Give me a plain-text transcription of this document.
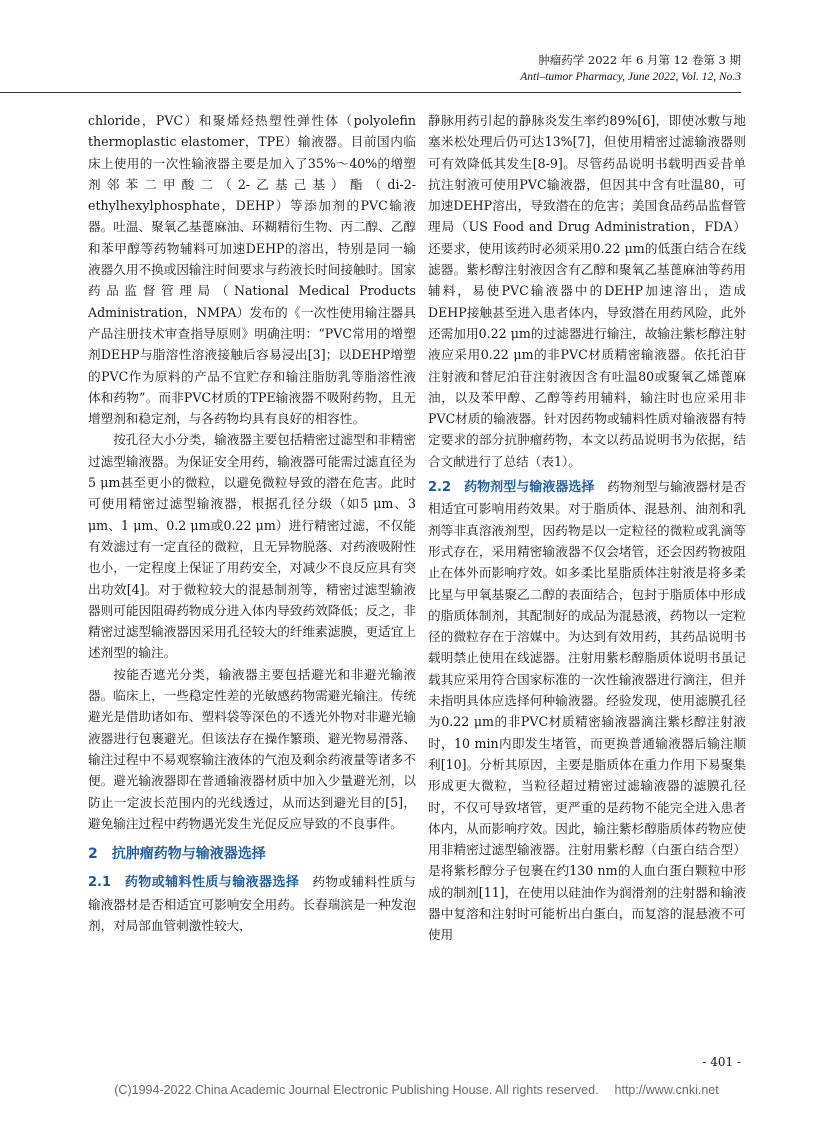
肿瘤药学 2022 年 6 月第 12 卷第 3 期
Anti–tumor Pharmacy, June 2022, Vol. 12, No.3

chloride，PVC）和聚烯烃热塑性弹性体（polyolefin thermoplastic elastomer，TPE）输液器。目前国内临床上使用的一次性输液器主要是加入了35%～40%的增塑剂邻苯二甲酸二（2-乙基己基）酯（di-2-ethylhexylphosphate，DEHP）等添加剂的PVC输液器。吐温、聚氧乙基蓖麻油、环糊精衍生物、丙二醇、乙醇和苯甲醇等药物辅料可加速DEHP的溶出，特别是同一输液器久用不换或因输注时间要求与药液长时间接触时。国家药品监督管理局（National Medical Products Administration，NMPA）发布的《一次性使用输注器具产品注册技术审查指导原则》明确注明：“PVC常用的增塑剂DEHP与脂溶性溶液接触后容易浸出[3]；以DEHP增塑的PVC作为原料的产品不宜贮存和输注脂肪乳等脂溶性液体和药物”。而非PVC材质的TPE输液器不吸附药物，且无增塑剂和稳定剂，与各药物均具有良好的相容性。

按孔径大小分类，输液器主要包括精密过滤型和非精密过滤型输液器。为保证安全用药，输液器可能需过滤直径为5 μm甚至更小的微粒，以避免微粒导致的潜在危害。此时可使用精密过滤型输液器，根据孔径分级（如5 μm、3 μm、1 μm、0.2 μm或0.22 μm）进行精密过滤，不仅能有效滤过有一定直径的微粒，且无异物脱落、对药液吸附性也小，一定程度上保证了用药安全，对减少不良反应具有突出功效[4]。对于微粒较大的混悬制剂等，精密过滤型输液器则可能因阻碍药物成分进入体内导致药效降低；反之，非精密过滤型输液器因采用孔径较大的纤维素滤膜，更适宜上述剂型的输注。

按能否遮光分类，输液器主要包括避光和非避光输液器。临床上，一些稳定性差的光敏感药物需避光输注。传统避光是借助诸如布、塑料袋等深色的不透光外物对非避光输液器进行包裹避光。但该法存在操作繁琐、避光物易滑落、输注过程中不易观察输注液体的气泡及剩余药液量等诸多不便。避光输液器即在普通输液器材质中加入少量避光剂，以防止一定波长范围内的光线透过，从而达到避光目的[5]，避免输注过程中药物遇光发生光促反应导致的不良事件。

2　抗肿瘤药物与输液器选择

2.1　药物或辅料性质与输液器选择　 药物或辅料性质与输液器材是否相适宜可影响安全用药。长春瑞滨是一种发泡剂，对局部血管刺激性较大，

静脉用药引起的静脉炎发生率约89%[6]，即使冰敷与地塞米松处理后仍可达13%[7]，但使用精密过滤输液器则可有效降低其发生[8-9]。尽管药品说明书载明西妥昔单抗注射液可使用PVC输液器，但因其中含有吐温80，可加速DEHP溶出，导致潜在的危害；美国食品药品监督管理局（US Food and Drug Administration，FDA）还要求，使用该药时必须采用0.22 μm的低蛋白结合在线滤器。紫杉醇注射液因含有乙醇和聚氧乙基蓖麻油等药用辅料，易使PVC输液器中的DEHP加速溶出，造成DEHP接触甚至进入患者体内，导致潜在用药风险，此外还需加用0.22 μm的过滤器进行输注，故输注紫杉醇注射液应采用0.22 μm的非PVC材质精密输液器。依托泊苷注射液和替尼泊苷注射液因含有吐温80或聚氧乙烯蓖麻油，以及苯甲醇、乙醇等药用辅料，输注时也应采用非PVC材质的输液器。针对因药物或辅料性质对输液器有特定要求的部分抗肿瘤药物，本文以药品说明书为依据，结合文献进行了总结（表1）。

2.2　药物剂型与输液器选择　 药物剂型与输液器材是否相适宜可影响用药效果。对于脂质体、混悬剂、油剂和乳剂等非真溶液剂型，因药物是以一定粒径的微粒或乳滴等形式存在，采用精密输液器不仅会堵管，还会因药物被阻止在体外而影响疗效。如多柔比星脂质体注射液是将多柔比星与甲氧基聚乙二醇的表面结合，包封于脂质体中形成的脂质体制剂，其配制好的成品为混悬液，药物以一定粒径的微粒存在于溶媒中。为达到有效用药，其药品说明书载明禁止使用在线滤器。注射用紫杉醇脂质体说明书虽记载其应采用符合国家标准的一次性输液器进行滴注，但并未指明具体应选择何种输液器。经验发现，使用滤膜孔径为0.22 μm的非PVC材质精密输液器滴注紫杉醇注射液时，10 min内即发生堵管，而更换普通输液器后输注顺利[10]。分析其原因，主要是脂质体在重力作用下易聚集形成更大微粒，当粒径超过精密过滤输液器的滤膜孔径时，不仅可导致堵管，更严重的是药物不能完全进入患者体内，从而影响疗效。因此，输注紫杉醇脂质体药物应使用非精密过滤型输液器。注射用紫杉醇（白蛋白结合型）是将紫杉醇分子包裹在约130 nm的人血白蛋白颗粒中形成的制剂[11]，在使用以硅油作为润滑剂的注射器和输液器中复溶和注射时可能析出白蛋白，而复溶的混悬液不可使用

- 401 -
(C)1994-2022 China Academic Journal Electronic Publishing House. All rights reserved.　 http://www.cnki.net
